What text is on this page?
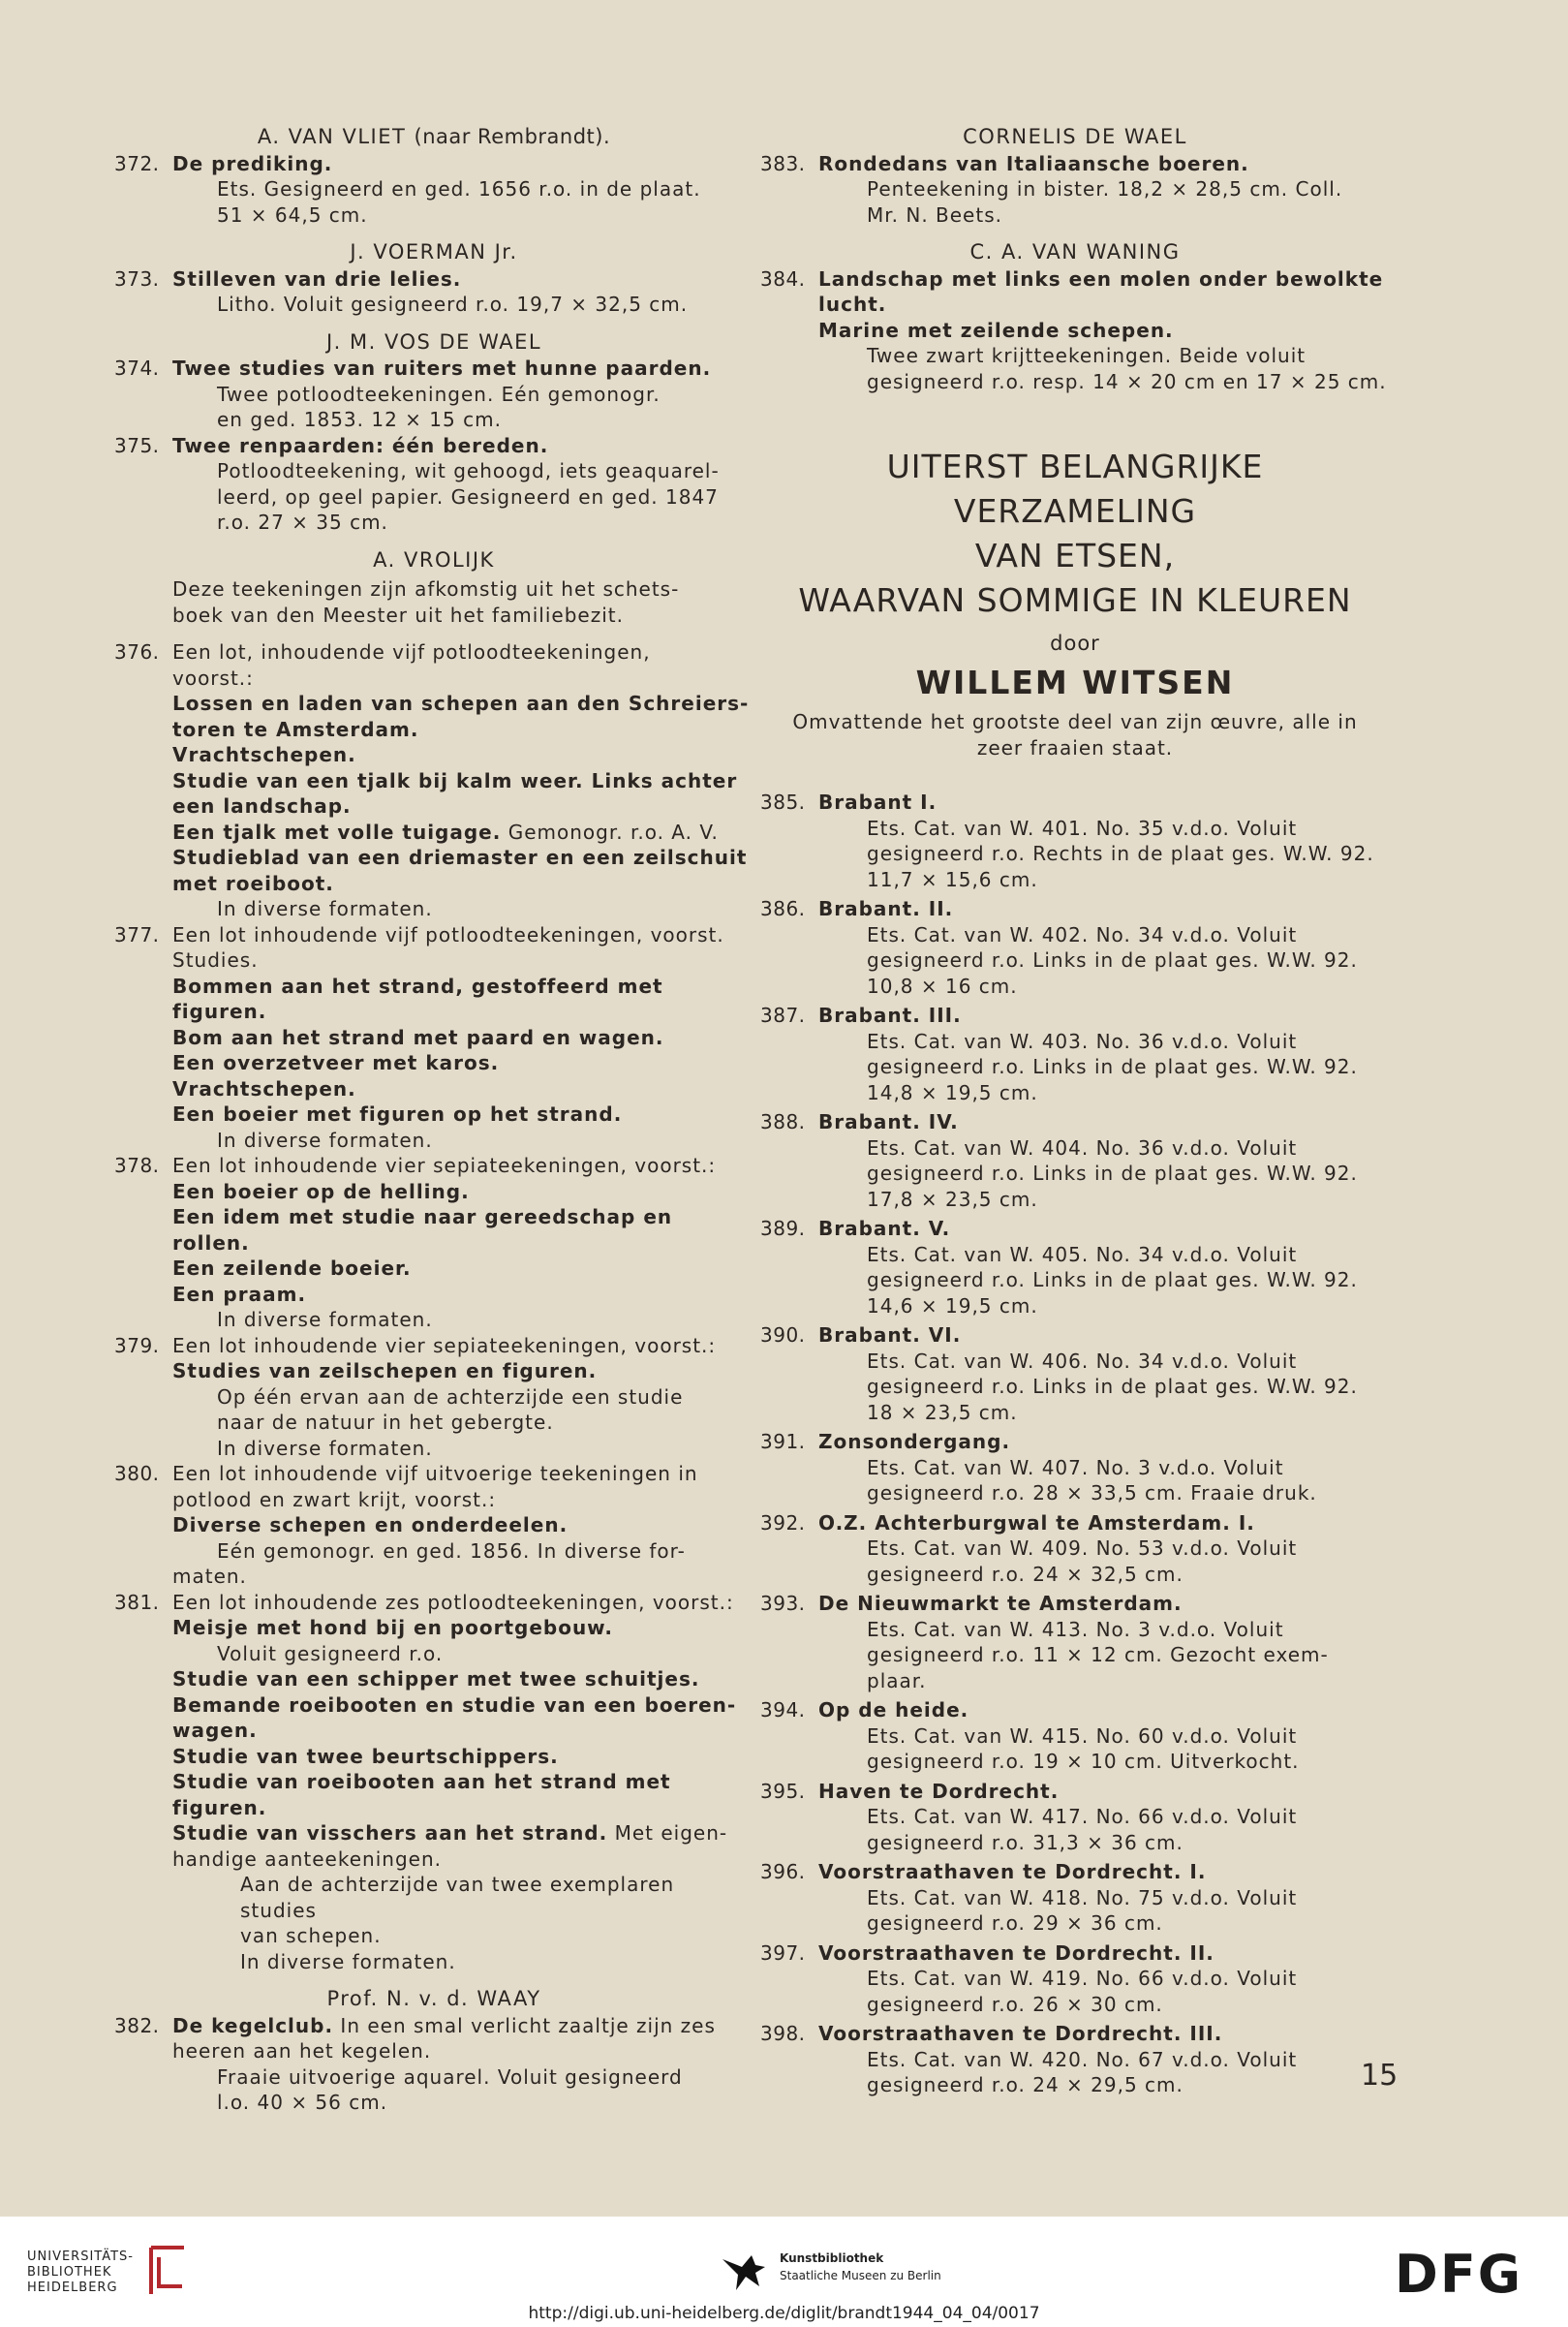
A. VAN VLIET (naar Rembrandt).
372. De prediking.
Ets. Gesigneerd en ged. 1656 r.o. in de plaat.
51 × 64,5 cm.
J. VOERMAN Jr.
373. Stilleven van drie lelies.
Litho. Voluit gesigneerd r.o. 19,7 × 32,5 cm.
J. M. VOS DE WAEL
374. Twee studies van ruiters met hunne paarden.
Twee potloodteekeningen. Eén gemonogr.
en ged. 1853. 12 × 15 cm.
375. Twee renpaarden: één bereden.
Potloodteekening, wit gehoogd, iets geaquarel-
leerd, op geel papier. Gesigneerd en ged. 1847
r.o. 27 × 35 cm.
A. VROLIJK
Deze teekeningen zijn afkomstig uit het schets-
boek van den Meester uit het familiebezit.
376. Een lot, inhoudende vijf potloodteekeningen,
voorst.:
Lossen en laden van schepen aan den Schreiers-
toren te Amsterdam.
Vrachtschepen.
Studie van een tjalk bij kalm weer. Links achter
een landschap.
Een tjalk met volle tuigage. Gemonogr. r.o. A. V.
Studieblad van een driemaster en een zeilschuit
met roeiboot.
In diverse formaten.
377. Een lot inhoudende vijf potloodteekeningen, voorst.
Studies.
Bommen aan het strand, gestoffeerd met figuren.
Bom aan het strand met paard en wagen.
Een overzetveer met karos.
Vrachtschepen.
Een boeier met figuren op het strand.
In diverse formaten.
378. Een lot inhoudende vier sepiateekeningen, voorst.:
Een boeier op de helling.
Een idem met studie naar gereedschap en rollen.
Een zeilende boeier.
Een praam.
In diverse formaten.
379. Een lot inhoudende vier sepiateekeningen, voorst.:
Studies van zeilschepen en figuren.
Op één ervan aan de achterzijde een studie
naar de natuur in het gebergte.
In diverse formaten.
380. Een lot inhoudende vijf uitvoerige teekeningen in
potlood en zwart krijt, voorst.:
Diverse schepen en onderdeelen.
Eén gemonogr. en ged. 1856. In diverse for-
maten.
381. Een lot inhoudende zes potloodteekeningen, voorst.:
Meisje met hond bij en poortgebouw.
Voluit gesigneerd r.o.
Studie van een schipper met twee schuitjes.
Bemande roeibooten en studie van een boeren-
wagen.
Studie van twee beurtschippers.
Studie van roeibooten aan het strand met figuren.
Studie van visschers aan het strand. Met eigen-
handige aanteekeningen.
Aan de achterzijde van twee exemplaren studies
van schepen.
In diverse formaten.
Prof. N. v. d. WAAY
382. De kegelclub. In een smal verlicht zaaltje zijn zes
heeren aan het kegelen.
Fraaie uitvoerige aquarel. Voluit gesigneerd
l.o. 40 × 56 cm.
CORNELIS DE WAEL
383. Rondedans van Italiaansche boeren.
Penteekening in bister. 18,2 × 28,5 cm. Coll.
Mr. N. Beets.
C. A. VAN WANING
384. Landschap met links een molen onder bewolkte
lucht.
Marine met zeilende schepen.
Twee zwart krijtteekeningen. Beide voluit
gesigneerd r.o. resp. 14 × 20 cm en 17 × 25 cm.
UITERST BELANGRIJKE VERZAMELING
VAN ETSEN,
WAARVAN SOMMIGE IN KLEUREN
door
WILLEM WITSEN
Omvattende het grootste deel van zijn œuvre, alle in
zeer fraaien staat.
385. Brabant I.
Ets. Cat. van W. 401. No. 35 v.d.o. Voluit
gesigneerd r.o. Rechts in de plaat ges. W.W. 92.
11,7 × 15,6 cm.
386. Brabant. II.
Ets. Cat. van W. 402. No. 34 v.d.o. Voluit
gesigneerd r.o. Links in de plaat ges. W.W. 92.
10,8 × 16 cm.
387. Brabant. III.
Ets. Cat. van W. 403. No. 36 v.d.o. Voluit
gesigneerd r.o. Links in de plaat ges. W.W. 92.
14,8 × 19,5 cm.
388. Brabant. IV.
Ets. Cat. van W. 404. No. 36 v.d.o. Voluit
gesigneerd r.o. Links in de plaat ges. W.W. 92.
17,8 × 23,5 cm.
389. Brabant. V.
Ets. Cat. van W. 405. No. 34 v.d.o. Voluit
gesigneerd r.o. Links in de plaat ges. W.W. 92.
14,6 × 19,5 cm.
390. Brabant. VI.
Ets. Cat. van W. 406. No. 34 v.d.o. Voluit
gesigneerd r.o. Links in de plaat ges. W.W. 92.
18 × 23,5 cm.
391. Zonsondergang.
Ets. Cat. van W. 407. No. 3 v.d.o. Voluit
gesigneerd r.o. 28 × 33,5 cm. Fraaie druk.
392. O.Z. Achterburgwal te Amsterdam. I.
Ets. Cat. van W. 409. No. 53 v.d.o. Voluit
gesigneerd r.o. 24 × 32,5 cm.
393. De Nieuwmarkt te Amsterdam.
Ets. Cat. van W. 413. No. 3 v.d.o. Voluit
gesigneerd r.o. 11 × 12 cm. Gezocht exem-
plaar.
394. Op de heide.
Ets. Cat. van W. 415. No. 60 v.d.o. Voluit
gesigneerd r.o. 19 × 10 cm. Uitverkocht.
395. Haven te Dordrecht.
Ets. Cat. van W. 417. No. 66 v.d.o. Voluit
gesigneerd r.o. 31,3 × 36 cm.
396. Voorstraathaven te Dordrecht. I.
Ets. Cat. van W. 418. No. 75 v.d.o. Voluit
gesigneerd r.o. 29 × 36 cm.
397. Voorstraathaven te Dordrecht. II.
Ets. Cat. van W. 419. No. 66 v.d.o. Voluit
gesigneerd r.o. 26 × 30 cm.
398. Voorstraathaven te Dordrecht. III.
Ets. Cat. van W. 420. No. 67 v.d.o. Voluit
gesigneerd r.o. 24 × 29,5 cm.	15
UNIVERSITÄTS-
BIBLIOTHEK
HEIDELBERG
Kunstbibliothek
Staatliche Museen zu Berlin	DFG
http://digi.ub.uni-heidelberg.de/diglit/brandt1944_04_04/0017
